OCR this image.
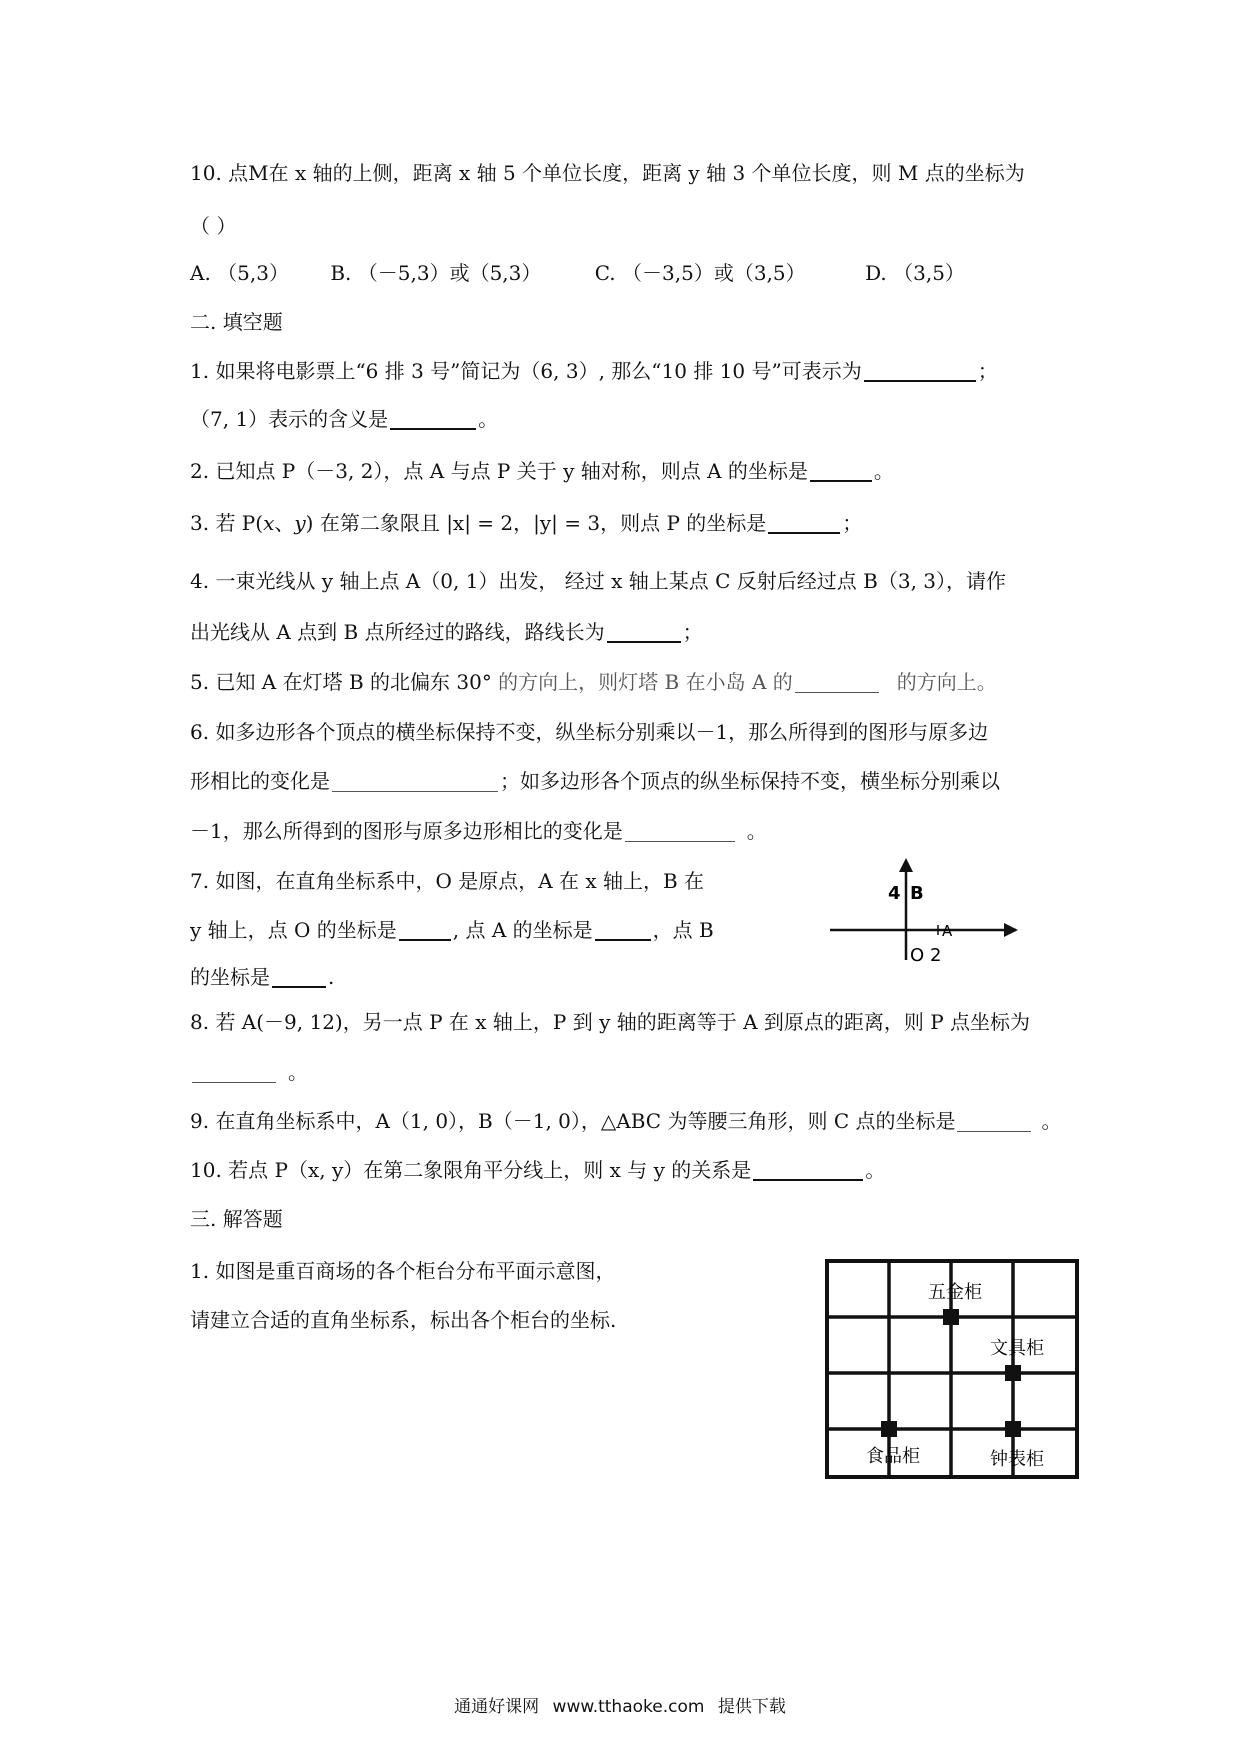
10. 点M在 x 轴的上侧，距离 x 轴 5 个单位长度，距离 y 轴 3 个单位长度，则 M 点的坐标为
（ ）
A. （5,3） B. （－5,3）或（5,3）	C. （－3,5）或（3,5）	D. （3,5）
二. 填空题
1. 如果将电影票上“6 排 3 号”简记为（6, 3）, 那么“10 排 10 号”可表示为	；
（7, 1）表示的含义是	。
2. 已知点 P（－3, 2），点 A 与点 P 关于 y 轴对称，则点 A 的坐标是	。
3. 若 P(x、y) 在第二象限且 |x| = 2，|y| = 3，则点 P 的坐标是	；
4. 一束光线从 y 轴上点 A（0, 1）出发， 经过 x 轴上某点 C 反射后经过点 B（3, 3），请作
出光线从 A 点到 B 点所经过的路线，路线长为	；
5. 已知 A 在灯塔 B 的北偏东 30° 的方向上，则灯塔 B 在小岛 A 的	的方向上。
6. 如多边形各个顶点的横坐标保持不变，纵坐标分别乘以－1，那么所得到的图形与原多边
形相比的变化是	；如多边形各个顶点的纵坐标保持不变，横坐标分别乘以
－1，那么所得到的图形与原多边形相比的变化是	。
7. 如图，在直角坐标系中，O 是原点，A 在 x 轴上，B 在
y 轴上，点 O 的坐标是	, 点 A 的坐标是	，点 B
的坐标是	.
4 B
A
O 2
8. 若 A(－9, 12)，另一点 P 在 x 轴上，P 到 y 轴的距离等于 A 到原点的距离，则 P 点坐标为
。
9. 在直角坐标系中，A（1, 0），B（－1, 0），△ABC 为等腰三角形，则 C 点的坐标是	。
10. 若点 P（x, y）在第二象限角平分线上，则 x 与 y 的关系是	。
三. 解答题
1. 如图是重百商场的各个柜台分布平面示意图，
请建立合适的直角坐标系，标出各个柜台的坐标.
五金柜
文具柜
食品柜	钟表柜
通通好课网 www.tthaoke.com 提供下载
